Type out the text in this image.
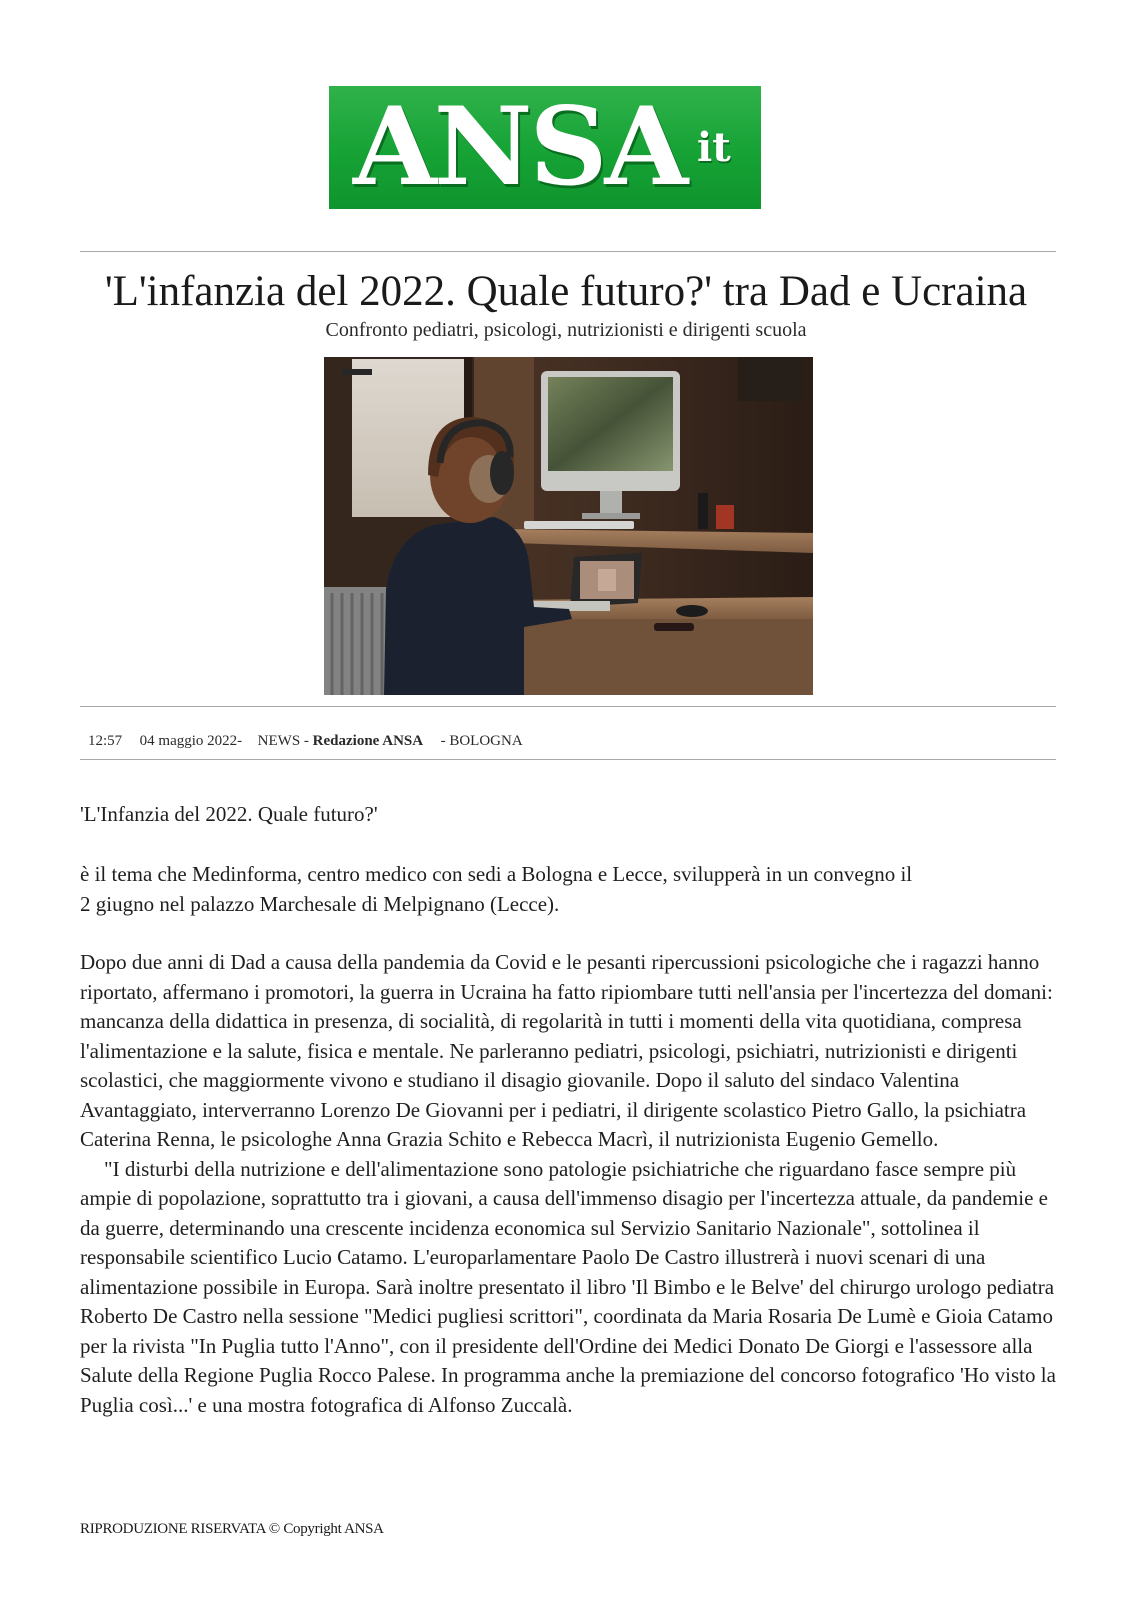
ANSA it
'L'infanzia del 2022. Quale futuro?' tra Dad e Ucraina
Confronto pediatri, psicologi, nutrizionisti e dirigenti scuola
12:57 04 maggio 2022- NEWS - Redazione ANSA - BOLOGNA

'L'Infanzia del 2022. Quale futuro?'

è il tema che Medinforma, centro medico con sedi a Bologna e Lecce, svilupperà in un convegno il 2 giugno nel palazzo Marchesale di Melpignano (Lecce).

Dopo due anni di Dad a causa della pandemia da Covid e le pesanti ripercussioni psicologiche che i ragazzi hanno riportato, affermano i promotori, la guerra in Ucraina ha fatto ripiombare tutti nell'ansia per l'incertezza del domani: mancanza della didattica in presenza, di socialità, di regolarità in tutti i momenti della vita quotidiana, compresa l'alimentazione e la salute, fisica e mentale. Ne parleranno pediatri, psicologi, psichiatri, nutrizionisti e dirigenti scolastici, che maggiormente vivono e studiano il disagio giovanile. Dopo il saluto del sindaco Valentina Avantaggiato, interverranno Lorenzo De Giovanni per i pediatri, il dirigente scolastico Pietro Gallo, la psichiatra Caterina Renna, le psicologhe Anna Grazia Schito e Rebecca Macrì, il nutrizionista Eugenio Gemello.

"I disturbi della nutrizione e dell'alimentazione sono patologie psichiatriche che riguardano fasce sempre più ampie di popolazione, soprattutto tra i giovani, a causa dell'immenso disagio per l'incertezza attuale, da pandemie e da guerre, determinando una crescente incidenza economica sul Servizio Sanitario Nazionale", sottolinea il responsabile scientifico Lucio Catamo. L'europarlamentare Paolo De Castro illustrerà i nuovi scenari di una alimentazione possibile in Europa. Sarà inoltre presentato il libro 'Il Bimbo e le Belve' del chirurgo urologo pediatra Roberto De Castro nella sessione "Medici pugliesi scrittori", coordinata da Maria Rosaria De Lumè e Gioia Catamo per la rivista "In Puglia tutto l'Anno", con il presidente dell'Ordine dei Medici Donato De Giorgi e l'assessore alla Salute della Regione Puglia Rocco Palese. In programma anche la premiazione del concorso fotografico 'Ho visto la Puglia così...' e una mostra fotografica di Alfonso Zuccalà.

RIPRODUZIONE RISERVATA © Copyright ANSA
